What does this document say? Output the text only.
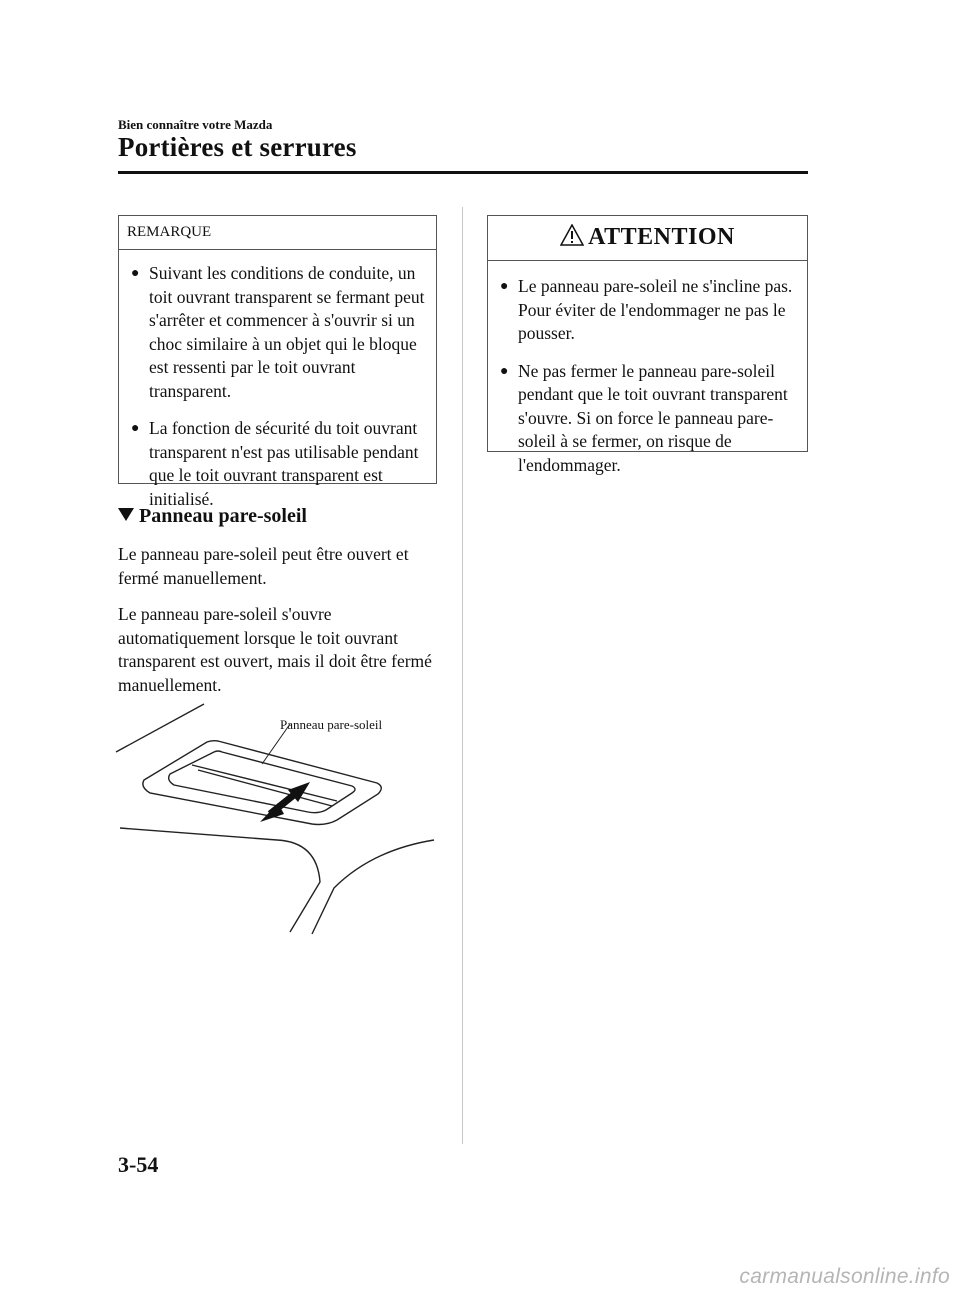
Bien connaître votre Mazda
Portières et serrures
REMARQUE
● Suivant les conditions de conduite, un toit ouvrant transparent se fermant peut s'arrêter et commencer à s'ouvrir si un choc similaire à un objet qui le bloque est ressenti par le toit ouvrant transparent.
● La fonction de sécurité du toit ouvrant transparent n'est pas utilisable pendant que le toit ouvrant transparent est initialisé.
Panneau pare-soleil

Le panneau pare-soleil peut être ouvert et fermé manuellement.

Le panneau pare-soleil s'ouvre automatiquement lorsque le toit ouvrant transparent est ouvert, mais il doit être fermé manuellement.

Panneau pare-soleil
ATTENTION
● Le panneau pare-soleil ne s'incline pas. Pour éviter de l'endommager ne pas le pousser.
● Ne pas fermer le panneau pare-soleil pendant que le toit ouvrant transparent s'ouvre. Si on force le panneau pare-soleil à se fermer, on risque de l'endommager.
3-54
carmanualsonline.info
